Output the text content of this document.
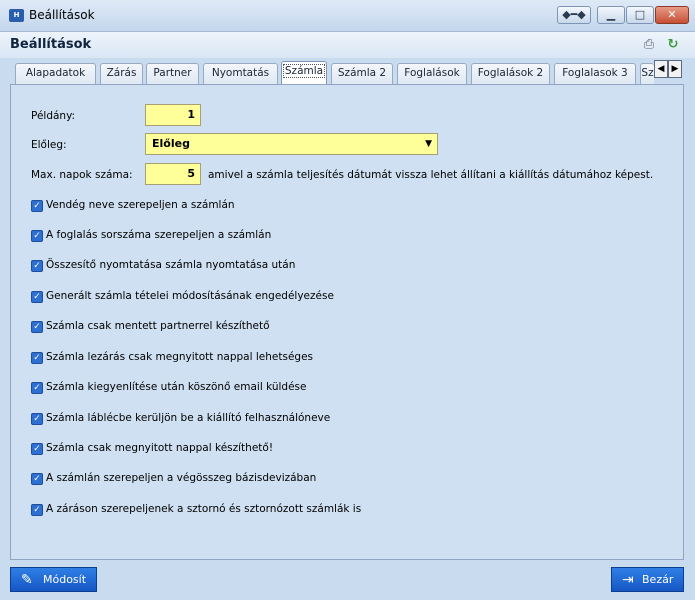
H Beállítások	◆━◆	▁	□	✕
Beállítások	⎙ ↻
Alapadatok	Zárás	Partner	Nyomtatás	Számla	Számla 2	Foglalások	Foglalások 2	Foglalasok 3	Sz ◀ ▶
Példány:	1
Előleg:	Előleg	▼
Max. napok száma:	5	amivel a számla teljesítés dátumát vissza lehet állítani a kiállítás dátumához képest.
✓ Vendég neve szerepeljen a számlán
✓ A foglalás sorszáma szerepeljen a számlán
✓ Összesítő nyomtatása számla nyomtatása után
✓ Generált számla tételei módosításának engedélyezése
✓ Számla csak mentett partnerrel készíthető
✓ Számla lezárás csak megnyitott nappal lehetséges
✓ Számla kiegyenlítése után köszönő email küldése
✓ Számla láblécbe kerüljön be a kiállító felhasználóneve
✓ Számla csak megnyitott nappal készíthető!
✓ A számlán szerepeljen a végösszeg bázisdevizában
✓ A záráson szerepeljenek a sztornó és sztornózott számlák is
✎ Módosít	⇥ Bezár
